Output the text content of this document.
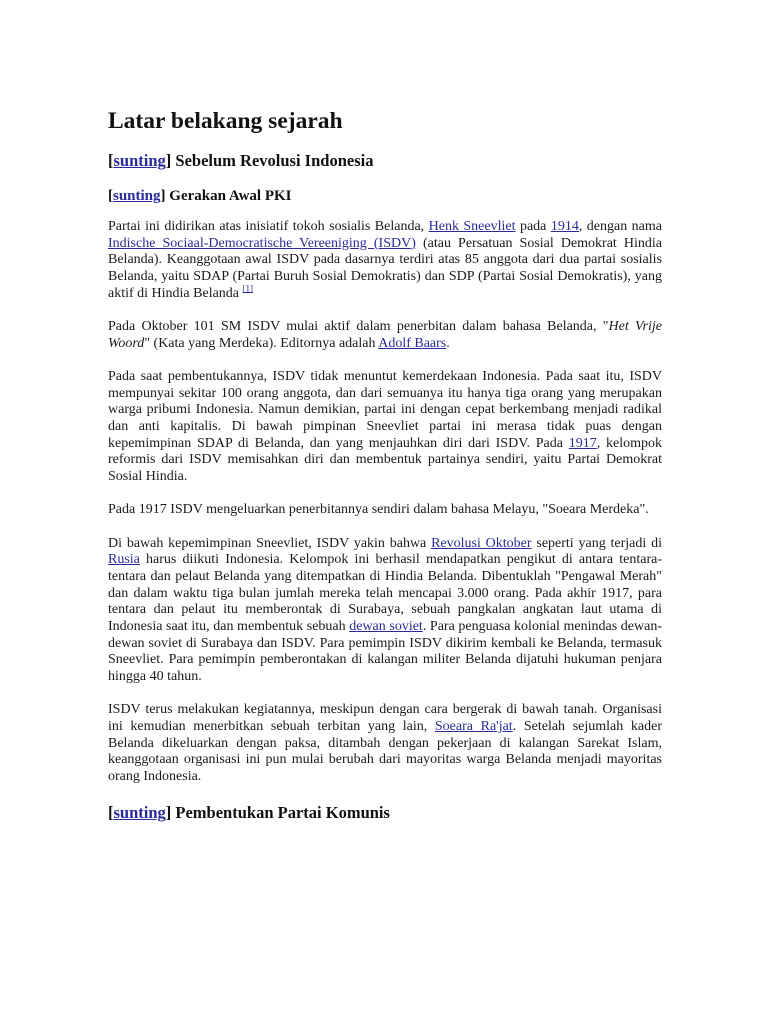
Latar belakang sejarah
[sunting] Sebelum Revolusi Indonesia
[sunting] Gerakan Awal PKI

Partai ini didirikan atas inisiatif tokoh sosialis Belanda, Henk Sneevliet pada 1914, dengan nama Indische Sociaal-Democratische Vereeniging (ISDV) (atau Persatuan Sosial Demokrat Hindia Belanda). Keanggotaan awal ISDV pada dasarnya terdiri atas 85 anggota dari dua partai sosialis Belanda, yaitu SDAP (Partai Buruh Sosial Demokratis) dan SDP (Partai Sosial Demokratis), yang aktif di Hindia Belanda [1]

Pada Oktober 101 SM ISDV mulai aktif dalam penerbitan dalam bahasa Belanda, "Het Vrije Woord" (Kata yang Merdeka). Editornya adalah Adolf Baars.

Pada saat pembentukannya, ISDV tidak menuntut kemerdekaan Indonesia. Pada saat itu, ISDV mempunyai sekitar 100 orang anggota, dan dari semuanya itu hanya tiga orang yang merupakan warga pribumi Indonesia. Namun demikian, partai ini dengan cepat berkembang menjadi radikal dan anti kapitalis. Di bawah pimpinan Sneevliet partai ini merasa tidak puas dengan kepemimpinan SDAP di Belanda, dan yang menjauhkan diri dari ISDV. Pada 1917, kelompok reformis dari ISDV memisahkan diri dan membentuk partainya sendiri, yaitu Partai Demokrat Sosial Hindia.

Pada 1917 ISDV mengeluarkan penerbitannya sendiri dalam bahasa Melayu, "Soeara Merdeka".

Di bawah kepemimpinan Sneevliet, ISDV yakin bahwa Revolusi Oktober seperti yang terjadi di Rusia harus diikuti Indonesia. Kelompok ini berhasil mendapatkan pengikut di antara tentara-tentara dan pelaut Belanda yang ditempatkan di Hindia Belanda. Dibentuklah "Pengawal Merah" dan dalam waktu tiga bulan jumlah mereka telah mencapai 3.000 orang. Pada akhir 1917, para tentara dan pelaut itu memberontak di Surabaya, sebuah pangkalan angkatan laut utama di Indonesia saat itu, dan membentuk sebuah dewan soviet. Para penguasa kolonial menindas dewan-dewan soviet di Surabaya dan ISDV. Para pemimpin ISDV dikirim kembali ke Belanda, termasuk Sneevliet. Para pemimpin pemberontakan di kalangan militer Belanda dijatuhi hukuman penjara hingga 40 tahun.

ISDV terus melakukan kegiatannya, meskipun dengan cara bergerak di bawah tanah. Organisasi ini kemudian menerbitkan sebuah terbitan yang lain, Soeara Ra'jat. Setelah sejumlah kader Belanda dikeluarkan dengan paksa, ditambah dengan pekerjaan di kalangan Sarekat Islam, keanggotaan organisasi ini pun mulai berubah dari mayoritas warga Belanda menjadi mayoritas orang Indonesia.

[sunting] Pembentukan Partai Komunis
